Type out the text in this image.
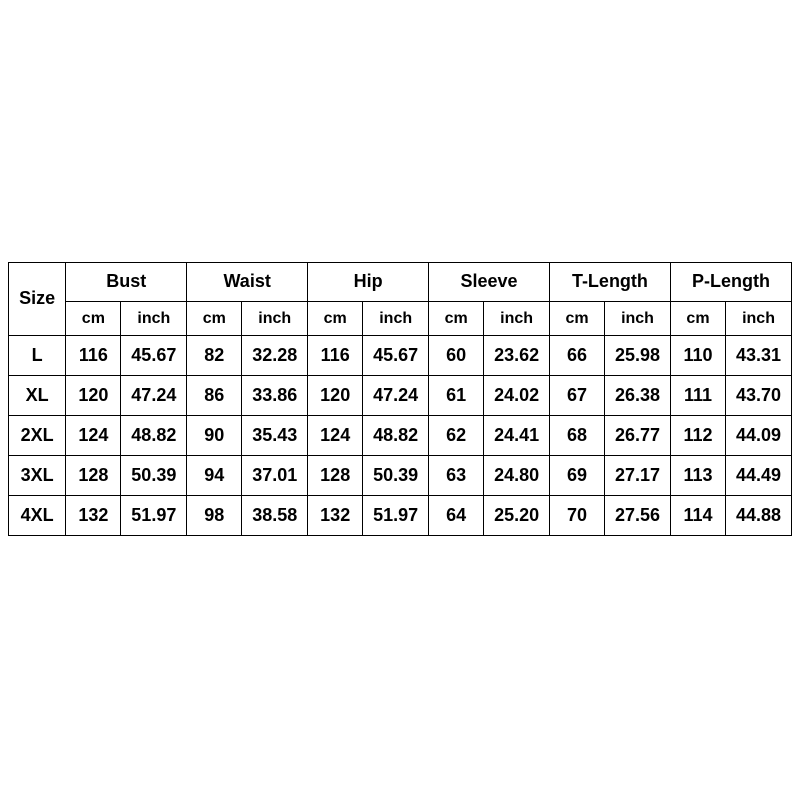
Size	Bust		Waist		Hip		Sleeve		T-Length		P-Length	
	cm	inch	cm	inch	cm	inch	cm	inch	cm	inch	cm	inch
L	116	45.67	82	32.28	116	45.67	60	23.62	66	25.98	110	43.31
XL	120	47.24	86	33.86	120	47.24	61	24.02	67	26.38	111	43.70
2XL	124	48.82	90	35.43	124	48.82	62	24.41	68	26.77	112	44.09
3XL	128	50.39	94	37.01	128	50.39	63	24.80	69	27.17	113	44.49
4XL	132	51.97	98	38.58	132	51.97	64	25.20	70	27.56	114	44.88
